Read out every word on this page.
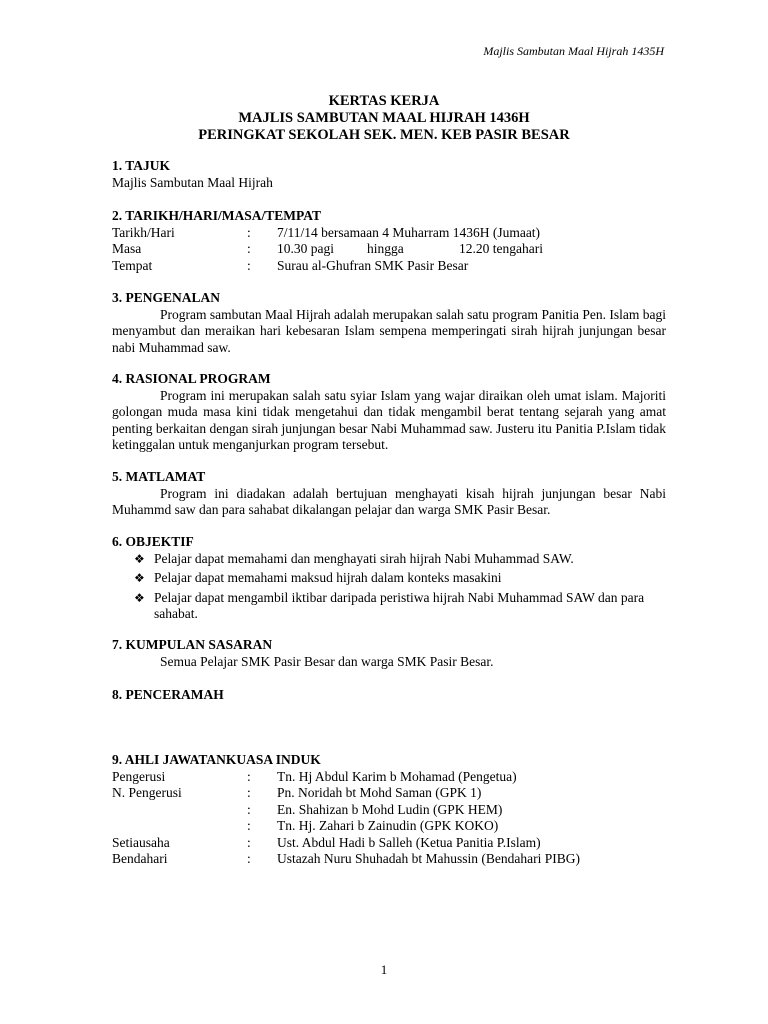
Majlis Sambutan Maal Hijrah 1435H
KERTAS KERJA
MAJLIS SAMBUTAN MAAL HIJRAH 1436H
PERINGKAT SEKOLAH SEK. MEN. KEB PASIR BESAR
1. TAJUK
Majlis Sambutan Maal Hijrah
2. TARIKH/HARI/MASA/TEMPAT
Tarikh/Hari	:	7/11/14 bersamaan 4 Muharram 1436H (Jumaat)
Masa	:	10.30 pagi hingga	12.20 tengahari
Tempat	:	Surau al-Ghufran SMK Pasir Besar
3. PENGENALAN
Program sambutan Maal Hijrah adalah merupakan salah satu program Panitia Pen. Islam bagi menyambut dan meraikan hari kebesaran Islam sempena memperingati sirah hijrah junjungan besar nabi Muhammad saw.
4. RASIONAL PROGRAM
Program ini merupakan salah satu syiar Islam yang wajar diraikan oleh umat islam. Majoriti golongan muda masa kini tidak mengetahui dan tidak mengambil berat tentang sejarah yang amat penting berkaitan dengan sirah junjungan besar Nabi Muhammad saw. Justeru itu Panitia P.Islam tidak ketinggalan untuk menganjurkan program tersebut.
5. MATLAMAT
Program ini diadakan adalah bertujuan menghayati kisah hijrah junjungan besar Nabi Muhammd saw dan para sahabat dikalangan pelajar dan warga SMK Pasir Besar.
6. OBJEKTIF
❖ Pelajar dapat memahami dan menghayati sirah hijrah Nabi Muhammad SAW.
❖ Pelajar dapat memahami maksud hijrah dalam konteks masakini
❖ Pelajar dapat mengambil iktibar daripada peristiwa hijrah Nabi Muhammad SAW dan para sahabat.
7. KUMPULAN SASARAN
Semua Pelajar SMK Pasir Besar dan warga SMK Pasir Besar.
8. PENCERAMAH
9. AHLI JAWATANKUASA INDUK
Pengerusi	:	Tn. Hj Abdul Karim b Mohamad (Pengetua)
N. Pengerusi	:	Pn. Noridah bt Mohd Saman (GPK 1)
:	En. Shahizan b Mohd Ludin (GPK HEM)
:	Tn. Hj. Zahari b Zainudin (GPK KOKO)
Setiausaha	:	Ust. Abdul Hadi b Salleh (Ketua Panitia P.Islam)
Bendahari	:	Ustazah Nuru Shuhadah bt Mahussin (Bendahari PIBG)
1
